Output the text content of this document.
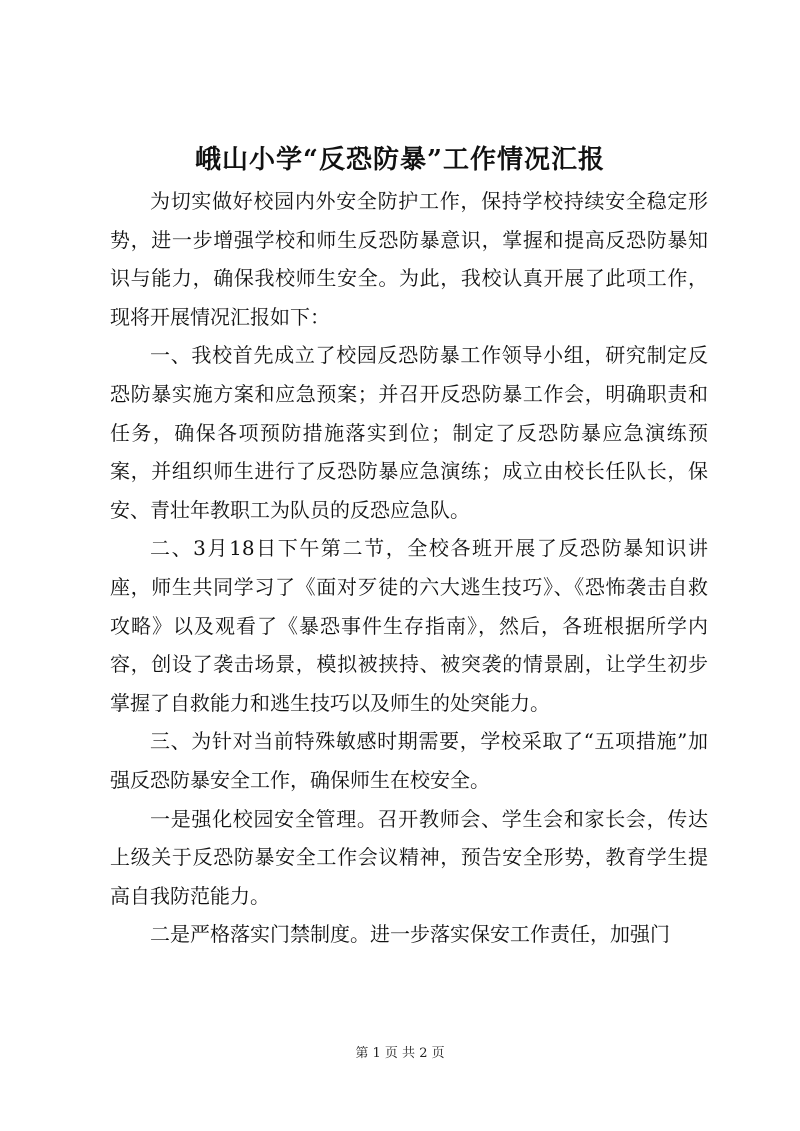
峨山小学“反恐防暴”工作情况汇报

为切实做好校园内外安全防护工作，保持学校持续安全稳定形势，进一步增强学校和师生反恐防暴意识，掌握和提高反恐防暴知识与能力，确保我校师生安全。为此，我校认真开展了此项工作，现将开展情况汇报如下：

一、我校首先成立了校园反恐防暴工作领导小组，研究制定反恐防暴实施方案和应急预案；并召开反恐防暴工作会，明确职责和任务，确保各项预防措施落实到位；制定了反恐防暴应急演练预案，并组织师生进行了反恐防暴应急演练；成立由校长任队长，保安、青壮年教职工为队员的反恐应急队。

二、3月18日下午第二节，全校各班开展了反恐防暴知识讲座，师生共同学习了《面对歹徒的六大逃生技巧》、《恐怖袭击自救攻略》以及观看了《暴恐事件生存指南》，然后，各班根据所学内容，创设了袭击场景，模拟被挟持、被突袭的情景剧，让学生初步掌握了自救能力和逃生技巧以及师生的处突能力。

三、为针对当前特殊敏感时期需要，学校采取了“五项措施”加强反恐防暴安全工作，确保师生在校安全。

一是强化校园安全管理。召开教师会、学生会和家长会，传达上级关于反恐防暴安全工作会议精神，预告安全形势，教育学生提高自我防范能力。

二是严格落实门禁制度。进一步落实保安工作责任，加强门

第 1 页 共 2 页
